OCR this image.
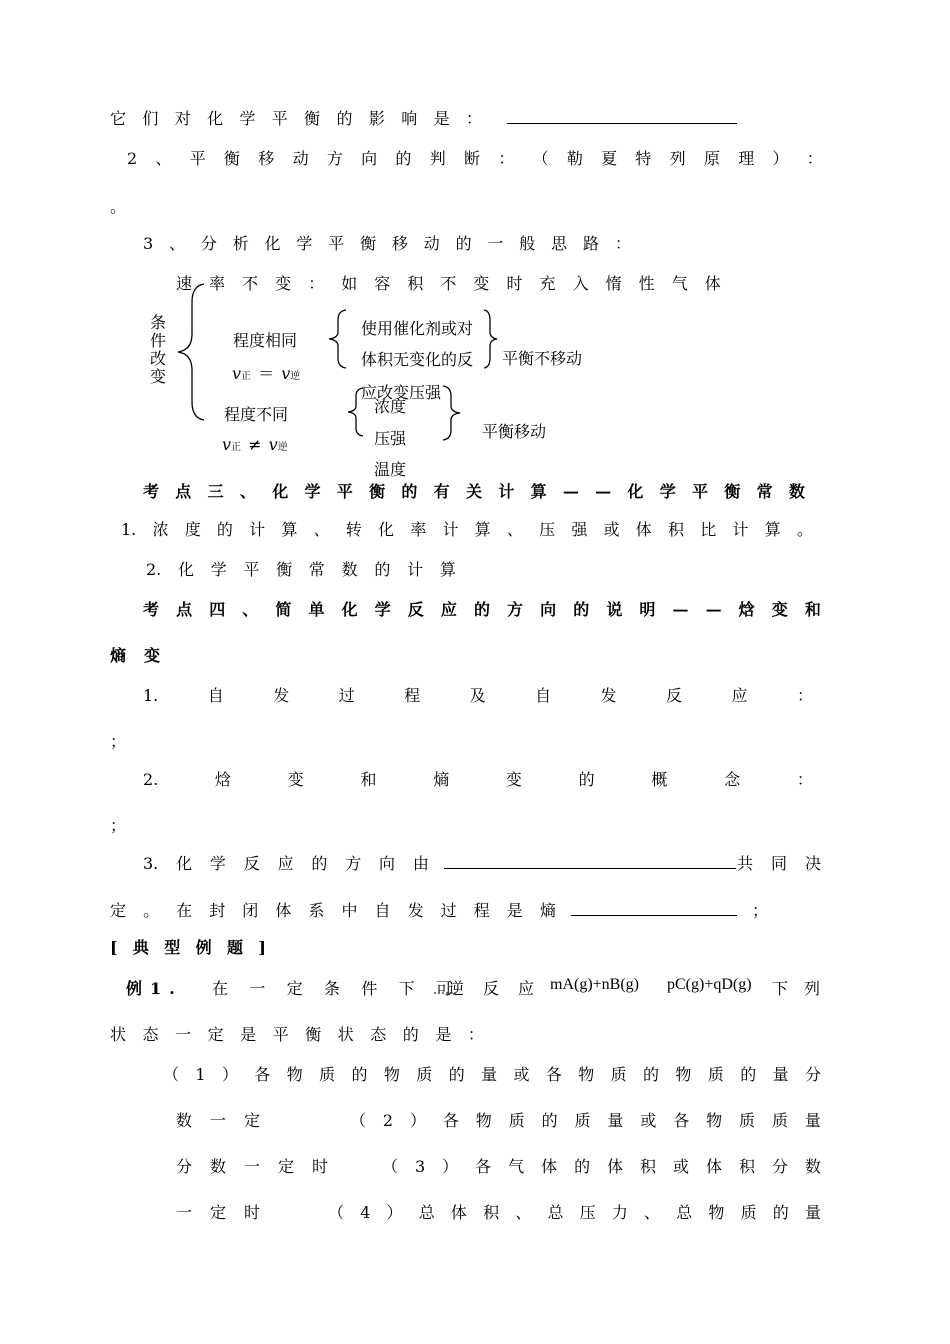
它 们 对 化 学 平 衡 的 影 响 是 ：
2 、 平 衡 移 动 方 向 的 判 断 ： （ 勒 夏 特 列 原 理 ） ：
。
3 、 分 析 化 学 平 衡 移 动 的 一 般 思 路 ：
速 率 不 变 ： 如 容 积 不 变 时 充 入 惰 性 气 体
条件改变
程度相同
v正 ＝ v逆
使用催化剂或对
体积无变化的反 平衡不移动
应改变压强
程度不同
v正 ≠ v逆
浓度
压强
温度
平衡移动
考 点 三 、 化 学 平 衡 的 有 关 计 算 — — 化 学 平 衡 常 数
1. 浓 度 的 计 算 、 转 化 率 计 算 、 压 强 或 体 积 比 计 算 。
2. 化 学 平 衡 常 数 的 计 算
考 点 四 、 简 单 化 学 反 应 的 方 向 的 说 明 — — 焓 变 和
熵 变
1.	自	发	过	程	及	自	发	反	应	：
；
2.	焓	变	和	熵	变	的	概	念	：
；
3. 化 学 反 应 的 方 向 由	共 同 决
定 。 在 封 闭 体 系 中 自 发 过 程 是 熵	；
[ 典 型 例 题 ]
例1. 在 一 定 条 件 下 可
逆 反 应 mA(g)+nB(g) pC(g)+qD(g) 下 列
状 态 一 定 是 平 衡 状 态 的 是 ：
（ 1 ） 各 物 质 的 物 质 的 量 或 各 物 质 的 物 质 的 量 分
数 一 定	（ 2 ） 各 物 质 的 质 量 或 各 物 质 质 量
分 数 一 定 时	（ 3 ） 各 气 体 的 体 积 或 体 积 分 数
一 定 时	（ 4 ） 总 体 积 、 总 压 力 、 总 物 质 的 量
